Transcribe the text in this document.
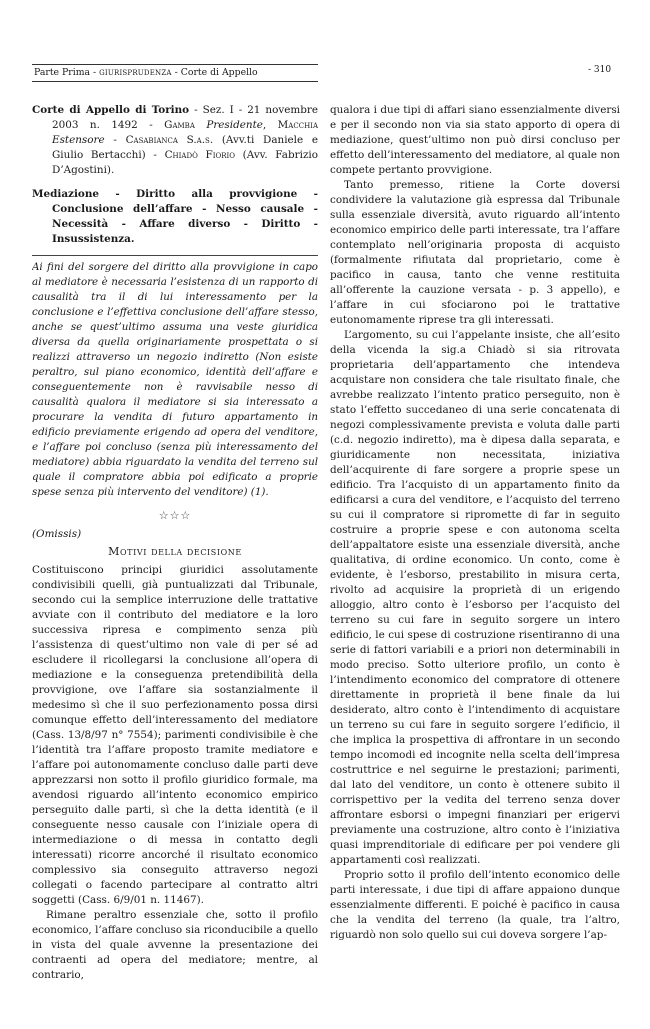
Parte Prima - giurisprudenza - Corte di Appello	- 310

Corte di Appello di Torino - Sez. I - 21 novembre 2003 n. 1492 - Gamba Presidente, Macchia Estensore - Casabianca S.a.s. (Avv.ti Daniele e Giulio Bertacchi) - Chiadò Fiorio (Avv. Fabrizio D’Agostini).

Mediazione - Diritto alla provvigione - Conclusione dell’affare - Nesso causale - Necessità - Affare diverso - Diritto - Insussistenza.

Ai fini del sorgere del diritto alla provvigione in capo al mediatore è necessaria l’esistenza di un rapporto di causalità tra il di lui interessamento per la conclusione e l’effettiva conclusione dell’affare stesso, anche se quest’ultimo assuma una veste giuridica diversa da quella originariamente prospettata o si realizzi attraverso un negozio indiretto (Non esiste peraltro, sul piano economico, identità dell’affare e conseguentemente non è ravvisabile nesso di causalità qualora il mediatore si sia interessato a procurare la vendita di futuro appartamento in edificio previamente erigendo ad opera del venditore, e l’affare poi concluso (senza più interessamento del mediatore) abbia riguardato la vendita del terreno sul quale il compratore abbia poi edificato a proprie spese senza più intervento del venditore) (1).

☆☆☆

(Omissis)

Motivi della decisione

Costituiscono principi giuridici assolutamente condivisibili quelli, già puntualizzati dal Tribunale, secondo cui la semplice interruzione delle trattative avviate con il contributo del mediatore e la loro successiva ripresa e compimento senza più l’assistenza di quest’ultimo non vale di per sé ad escludere il ricollegarsi la conclusione all’opera di mediazione e la conseguenza pretendibilità della provvigione, ove l’affare sia sostanzialmente il medesimo sì che il suo perfezionamento possa dirsi comunque effetto dell’interessamento del mediatore (Cass. 13/8/97 n° 7554); parimenti condivisibile è che l’identità tra l’affare proposto tramite mediatore e l’affare poi autonomamente concluso dalle parti deve apprezzarsi non sotto il profilo giuridico formale, ma avendosi riguardo all’intento economico empirico perseguito dalle parti, sì che la detta identità (e il conseguente nesso causale con l’iniziale opera di intermediazione o di messa in contatto degli interessati) ricorre ancorché il risultato economico complessivo sia conseguito attraverso negozi collegati o facendo partecipare al contratto altri soggetti (Cass. 6/9/01 n. 11467).

Rimane peraltro essenziale che, sotto il profilo economico, l’affare concluso sia riconducibile a quello in vista del quale avvenne la presentazione dei contraenti ad opera del mediatore; mentre, al contrario,

qualora i due tipi di affari siano essenzialmente diversi e per il secondo non via sia stato apporto di opera di mediazione, quest’ultimo non può dirsi concluso per effetto dell’interessamento del mediatore, al quale non compete pertanto provvigione.

Tanto premesso, ritiene la Corte doversi condividere la valutazione già espressa dal Tribunale sulla essenziale diversità, avuto riguardo all’intento economico empirico delle parti interessate, tra l’affare contemplato nell’originaria proposta di acquisto (formalmente rifiutata dal proprietario, come è pacifico in causa, tanto che venne restituita all’offerente la cauzione versata - p. 3 appello), e l’affare in cui sfociarono poi le trattative eutonomamente riprese tra gli interessati.

L’argomento, su cui l’appelante insiste, che all’esito della vicenda la sig.a Chiadò si sia ritrovata proprietaria dell’appartamento che intendeva acquistare non considera che tale risultato finale, che avrebbe realizzato l’intento pratico perseguito, non è stato l’effetto succedaneo di una serie concatenata di negozi complessivamente prevista e voluta dalle parti (c.d. negozio indiretto), ma è dipesa dalla separata, e giuridicamente non necessitata, iniziativa dell’acquirente di fare sorgere a proprie spese un edificio. Tra l’acquisto di un appartamento finito da edificarsi a cura del venditore, e l’acquisto del terreno su cui il compratore si ripromette di far in seguito costruire a proprie spese e con autonoma scelta dell’appaltatore esiste una essenziale diversità, anche qualitativa, di ordine economico. Un conto, come è evidente, è l’esborso, prestabilito in misura certa, rivolto ad acquisire la proprietà di un erigendo alloggio, altro conto è l’esborso per l’acquisto del terreno su cui fare in seguito sorgere un intero edificio, le cui spese di costruzione risentiranno di una serie di fattori variabili e a priori non determinabili in modo preciso. Sotto ulteriore profilo, un conto è l’intendimento economico del compratore di ottenere direttamente in proprietà il bene finale da lui desiderato, altro conto è l’intendimento di acquistare un terreno su cui fare in seguito sorgere l’edificio, il che implica la prospettiva di affrontare in un secondo tempo incomodi ed incognite nella scelta dell’impresa costruttrice e nel seguirne le prestazioni; parimenti, dal lato del venditore, un conto è ottenere subito il corrispettivo per la vedita del terreno senza dover affrontare esborsi o impegni finanziari per erigervi previamente una costruzione, altro conto è l’iniziativa quasi imprenditoriale di edificare per poi vendere gli appartamenti così realizzati.

Proprio sotto il profilo dell’intento economico delle parti interessate, i due tipi di affare appaiono dunque essenzialmente differenti. E poiché è pacifico in causa che la vendita del terreno (la quale, tra l’altro, riguardò non solo quello sui cui doveva sorgere l’ap-
